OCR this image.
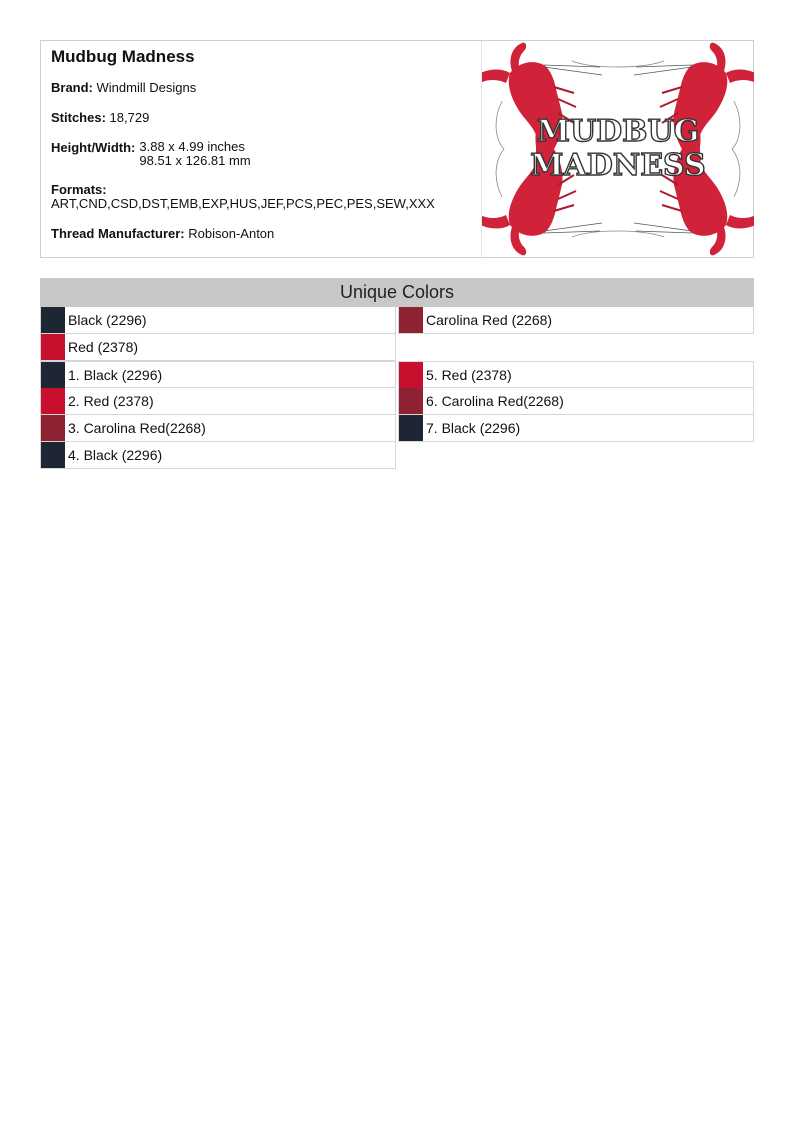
Mudbug Madness
Brand: Windmill Designs
Stitches: 18,729
Height/Width: 3.88 x 4.99 inches
98.51 x 126.81 mm
Formats:
ART,CND,CSD,DST,EMB,EXP,HUS,JEF,PCS,PEC,PES,SEW,XXX
Thread Manufacturer: Robison-Anton
MUDBUG
MADNESS
Unique Colors
Black (2296)	Carolina Red (2268)
Red (2378)
1. Black (2296)
2. Red (2378)
3. Carolina Red(2268)
4. Black (2296)
5. Red (2378)
6. Carolina Red(2268)
7. Black (2296)
